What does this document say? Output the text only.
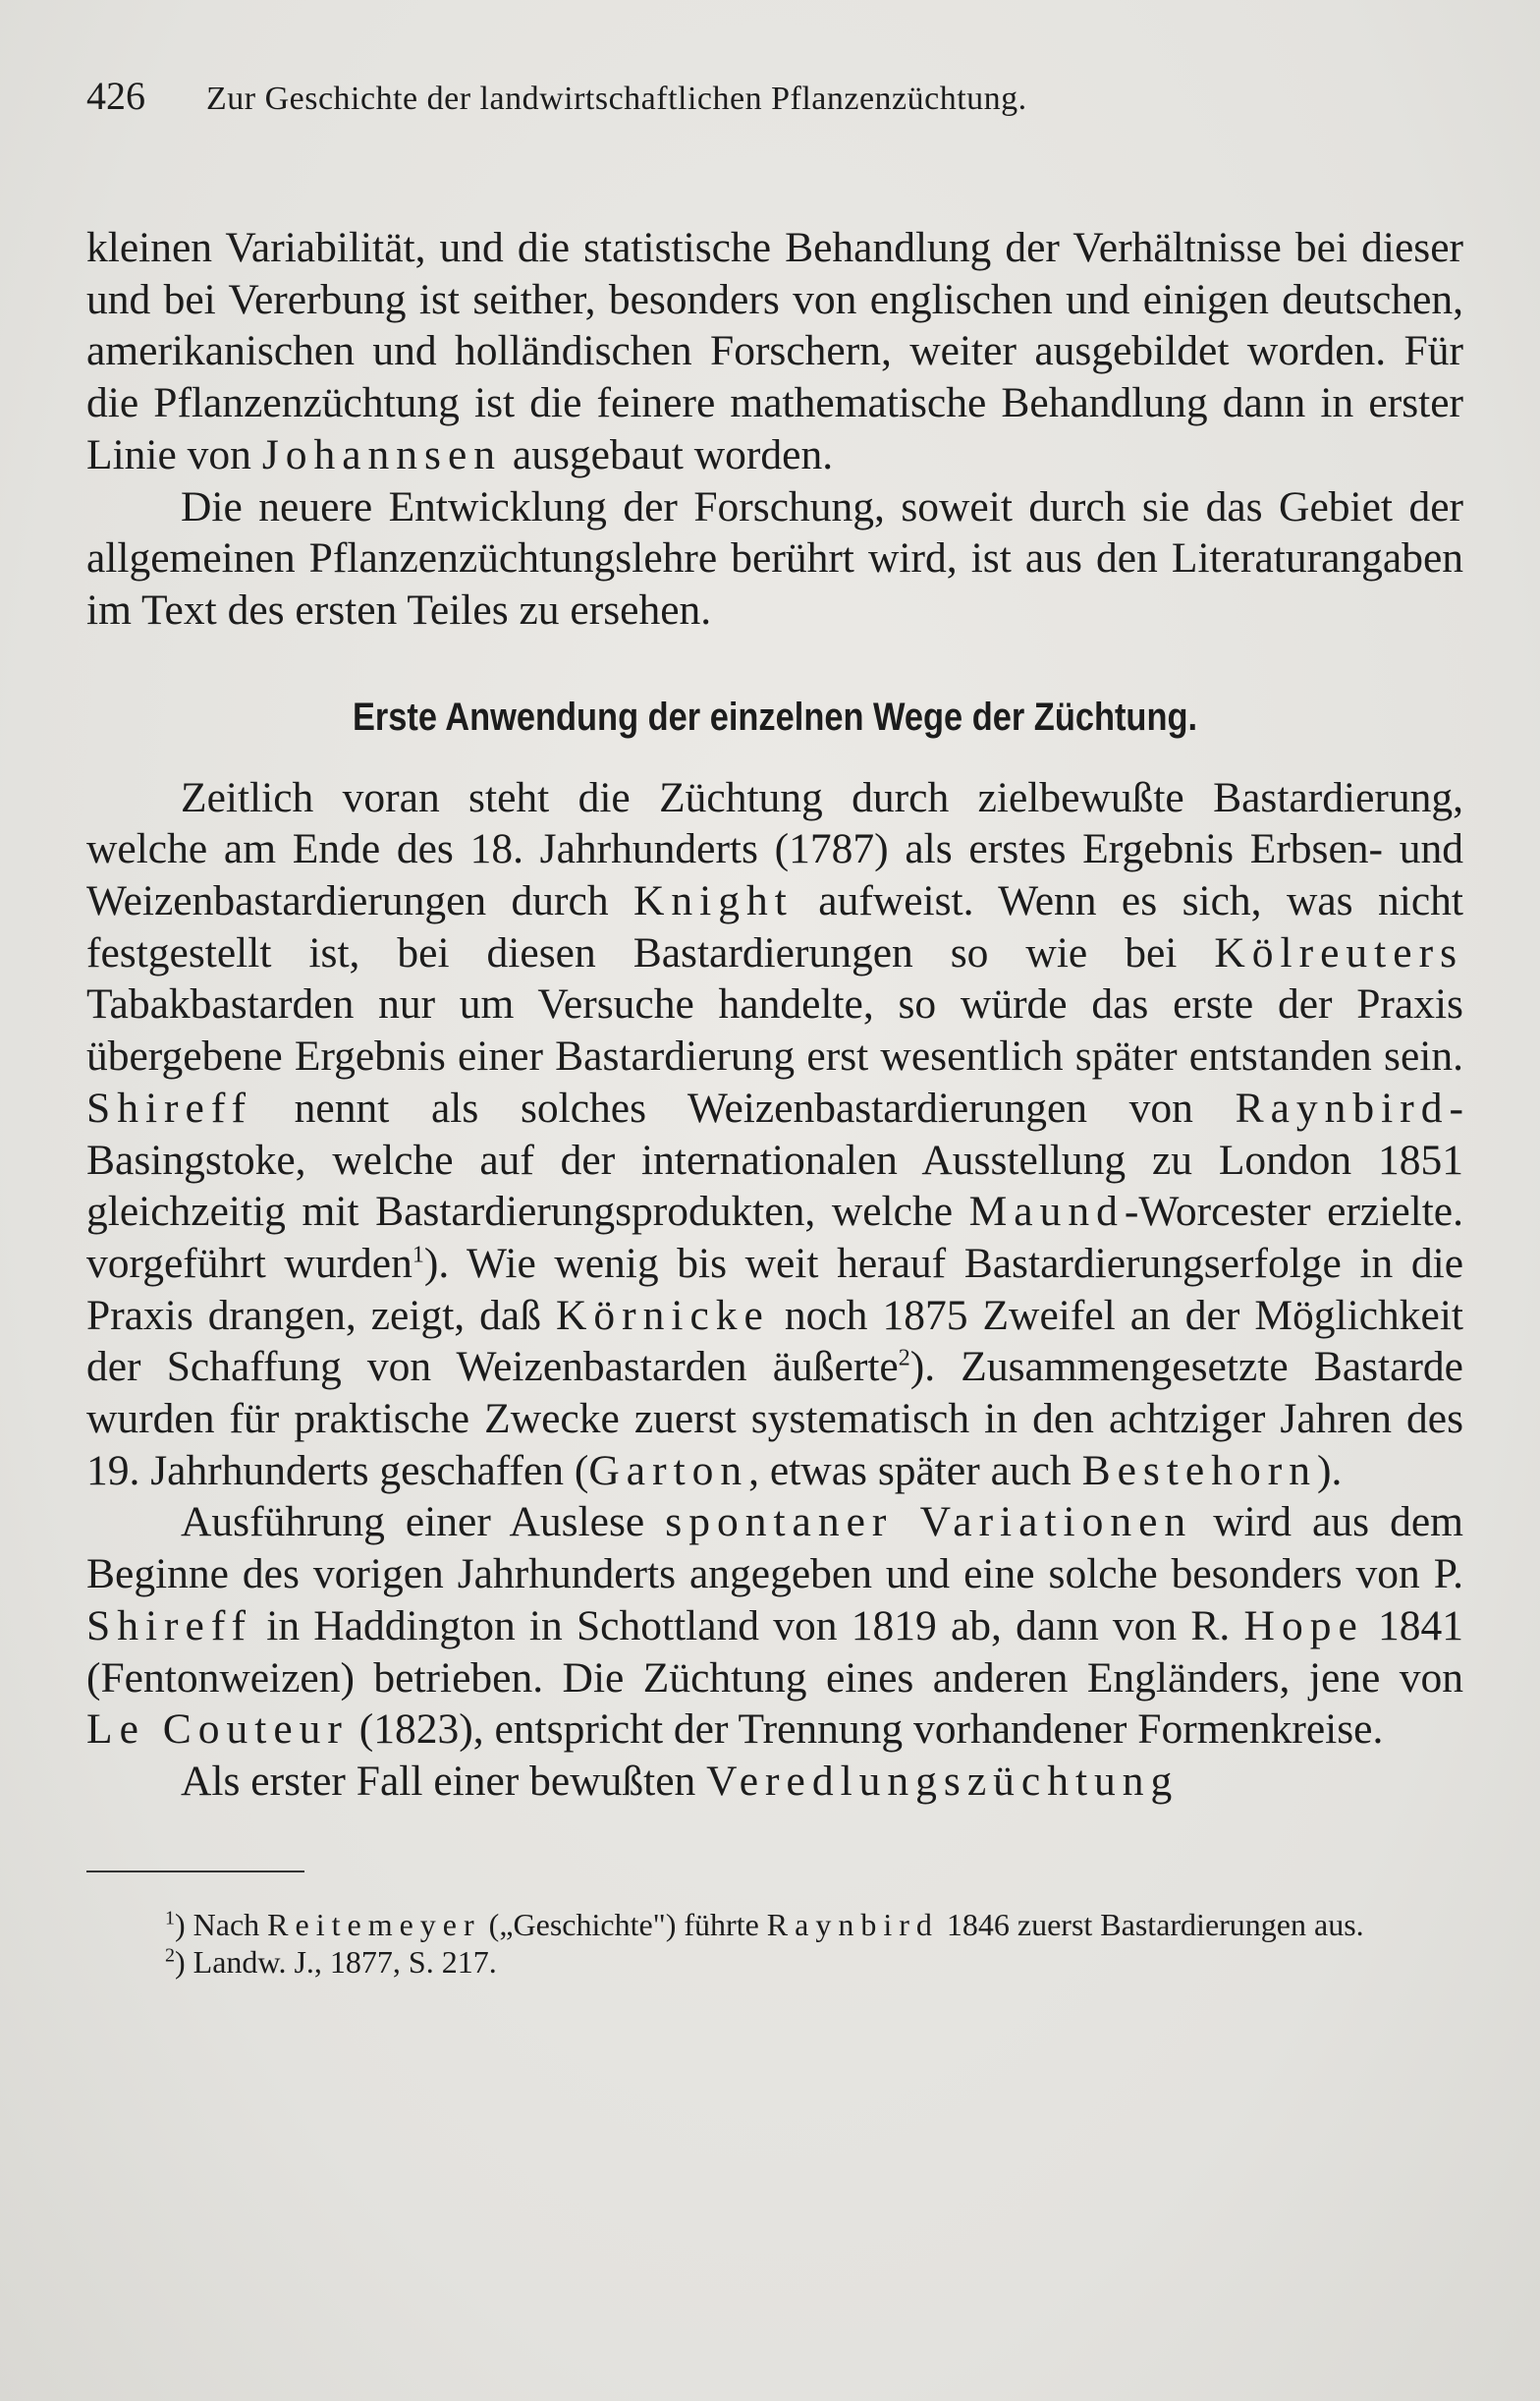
426 Zur Geschichte der landwirtschaftlichen Pflanzenzüchtung.

kleinen Variabilität, und die statistische Behandlung der Verhältnisse bei dieser und bei Vererbung ist seither, besonders von englischen und einigen deutschen, amerikanischen und holländischen Forschern, weiter ausgebildet worden. Für die Pflanzenzüchtung ist die feinere mathematische Behandlung dann in erster Linie von Johannsen ausgebaut worden.

Die neuere Entwicklung der Forschung, soweit durch sie das Gebiet der allgemeinen Pflanzenzüchtungslehre berührt wird, ist aus den Literaturangaben im Text des ersten Teiles zu ersehen.

Erste Anwendung der einzelnen Wege der Züchtung.

Zeitlich voran steht die Züchtung durch zielbewußte Bastardierung, welche am Ende des 18. Jahrhunderts (1787) als erstes Ergebnis Erbsen- und Weizenbastardierungen durch Knight aufweist. Wenn es sich, was nicht festgestellt ist, bei diesen Bastardierungen so wie bei Kölreuters Tabakbastarden nur um Versuche handelte, so würde das erste der Praxis übergebene Ergebnis einer Bastardierung erst wesentlich später entstanden sein. Shireff nennt als solches Weizenbastardierungen von Raynbird-Basingstoke, welche auf der internationalen Ausstellung zu London 1851 gleichzeitig mit Bastardierungsprodukten, welche Maund-Worcester erzielte. vorgeführt wurden$^1$). Wie wenig bis weit herauf Bastardierungserfolge in die Praxis drangen, zeigt, daß Körnicke noch 1875 Zweifel an der Möglichkeit der Schaffung von Weizenbastarden äußerte$^2$). Zusammengesetzte Bastarde wurden für praktische Zwecke zuerst systematisch in den achtziger Jahren des 19. Jahrhunderts geschaffen (Garton, etwas später auch Bestehorn).

Ausführung einer Auslese spontaner Variationen wird aus dem Beginne des vorigen Jahrhunderts angegeben und eine solche besonders von P. Shireff in Haddington in Schottland von 1819 ab, dann von R. Hope 1841 (Fentonweizen) betrieben. Die Züchtung eines anderen Engländers, jene von Le Couteur (1823), entspricht der Trennung vorhandener Formenkreise.

Als erster Fall einer bewußten Veredlungszüchtung

$^1$) Nach Reitemeyer („Geschichte") führte Raynbird 1846 zuerst Bastardierungen aus.

$^2$) Landw. J., 1877, S. 217.
